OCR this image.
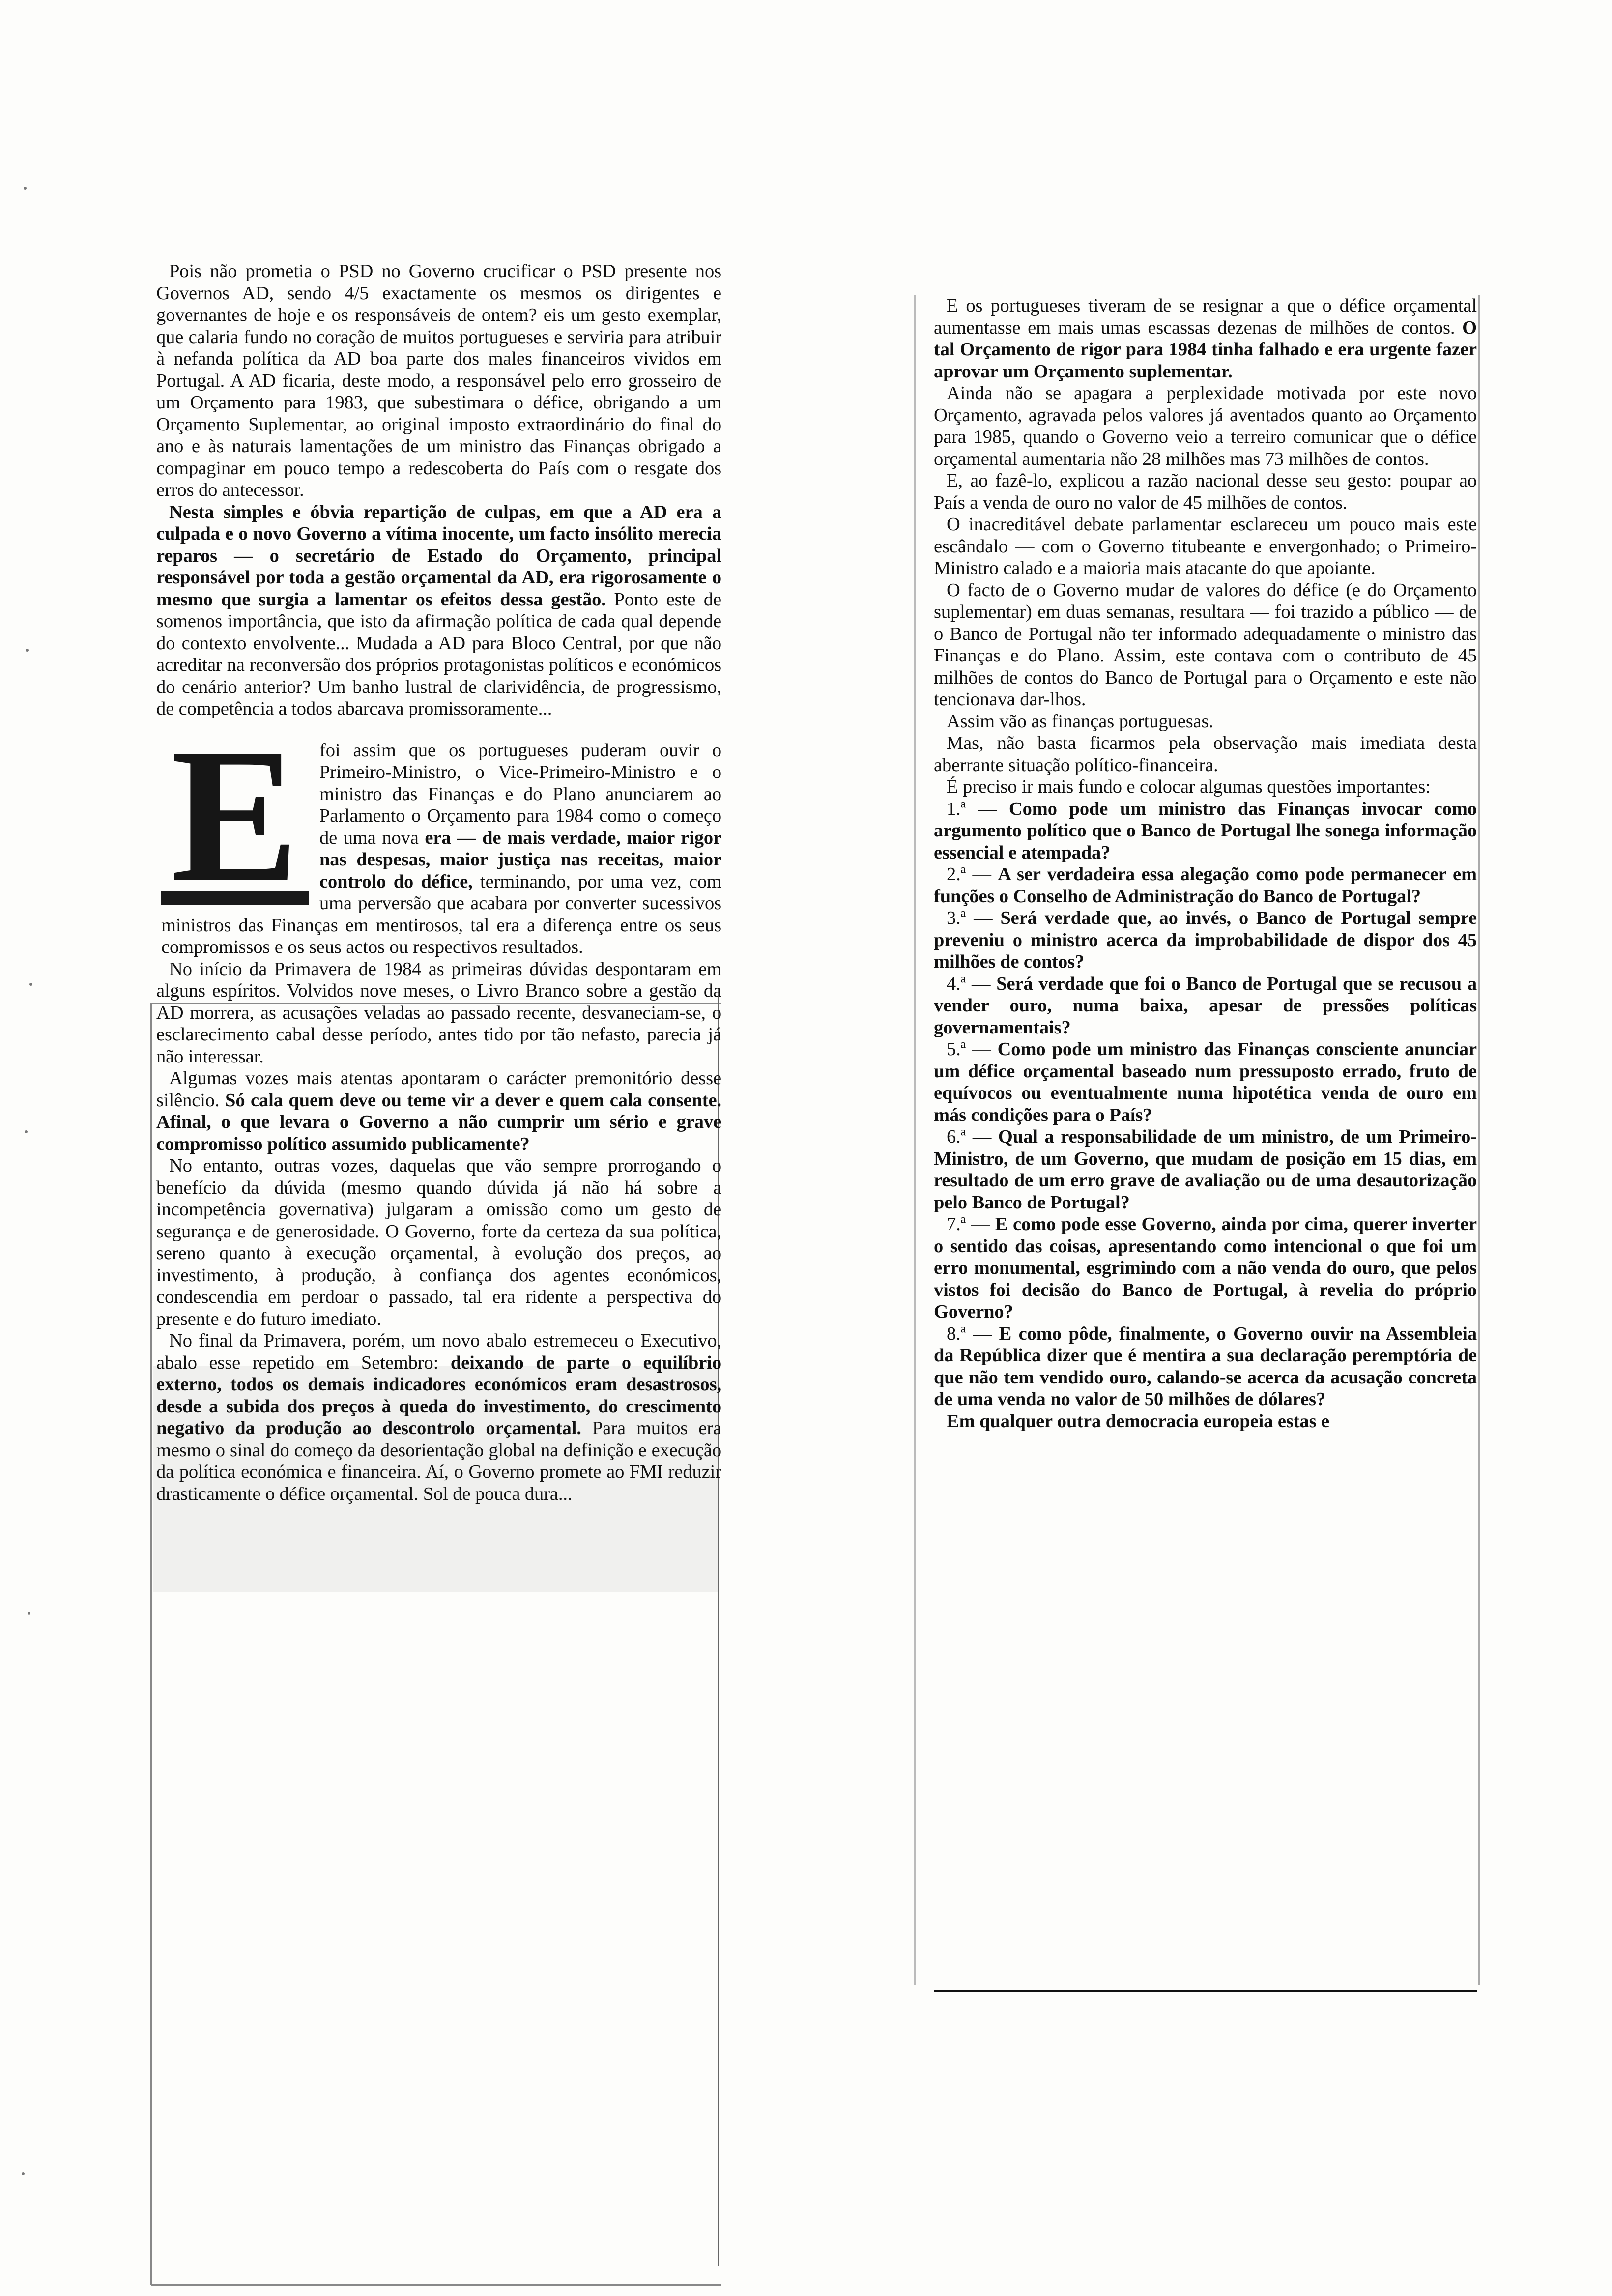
Pois não prometia o PSD no Governo crucificar o PSD presente nos Governos AD, sendo 4/5 exactamente os mesmos os dirigentes e governantes de hoje e os responsáveis de ontem? eis um gesto exemplar, que calaria fundo no coração de muitos portugueses e serviria para atribuir à nefanda política da AD boa parte dos males financeiros vividos em Portugal. A AD ficaria, deste modo, a responsável pelo erro grosseiro de um Orçamento para 1983, que subestimara o défice, obrigando a um Orçamento Suplementar, ao original imposto extraordinário do final do ano e às naturais lamentações de um ministro das Finanças obrigado a compaginar em pouco tempo a redescoberta do País com o resgate dos erros do antecessor.

Nesta simples e óbvia repartição de culpas, em que a AD era a culpada e o novo Governo a vítima inocente, um facto insólito merecia reparos — o secretário de Estado do Orçamento, principal responsável por toda a gestão orçamental da AD, era rigorosamente o mesmo que surgia a lamentar os efeitos dessa gestão. Ponto este de somenos importância, que isto da afirmação política de cada qual depende do contexto envolvente... Mudada a AD para Bloco Central, por que não acreditar na reconversão dos próprios protagonistas políticos e económicos do cenário anterior? Um banho lustral de clarividência, de progressismo, de competência a todos abarcava promissoramente...

E	foi assim que os portugueses puderam ouvir o Primeiro-Ministro, o Vice-Primeiro-Ministro e o ministro das Finanças e do Plano anunciarem ao Parlamento o Orçamento para 1984 como o começo de uma nova era — de mais verdade, maior rigor nas despesas, maior justiça nas receitas, maior controlo do défice, terminando, por uma vez, com uma perversão que acabara por converter sucessivos ministros das Finanças em mentirosos, tal era a diferença entre os seus compromissos e os seus actos ou respectivos resultados.

No início da Primavera de 1984 as primeiras dúvidas despontaram em alguns espíritos. Volvidos nove meses, o Livro Branco sobre a gestão da AD morrera, as acusações veladas ao passado recente, desvaneciam-se, o esclarecimento cabal desse período, antes tido por tão nefasto, parecia já não interessar.

Algumas vozes mais atentas apontaram o carácter premonitório desse silêncio. Só cala quem deve ou teme vir a dever e quem cala consente. Afinal, o que levara o Governo a não cumprir um sério e grave compromisso político assumido publicamente?

No entanto, outras vozes, daquelas que vão sempre prorrogando o benefício da dúvida (mesmo quando dúvida já não há sobre a incompetência governativa) julgaram a omissão como um gesto de segurança e de generosidade. O Governo, forte da certeza da sua política, sereno quanto à execução orçamental, à evolução dos preços, ao investimento, à produção, à confiança dos agentes económicos, condescendia em perdoar o passado, tal era ridente a perspectiva do presente e do futuro imediato.

No final da Primavera, porém, um novo abalo estremeceu o Executivo, abalo esse repetido em Setembro: deixando de parte o equilíbrio externo, todos os demais indicadores económicos eram desastrosos, desde a subida dos preços à queda do investimento, do crescimento negativo da produção ao descontrolo orçamental. Para muitos era mesmo o sinal do começo da desorientação global na definição e execução da política económica e financeira. Aí, o Governo promete ao FMI reduzir drasticamente o défice orçamental. Sol de pouca dura...

E os portugueses tiveram de se resignar a que o défice orçamental aumentasse em mais umas escassas dezenas de milhões de contos. O tal Orçamento de rigor para 1984 tinha falhado e era urgente fazer aprovar um Orçamento suplementar.

Ainda não se apagara a perplexidade motivada por este novo Orçamento, agravada pelos valores já aventados quanto ao Orçamento para 1985, quando o Governo veio a terreiro comunicar que o défice orçamental aumentaria não 28 milhões mas 73 milhões de contos.

E, ao fazê-lo, explicou a razão nacional desse seu gesto: poupar ao País a venda de ouro no valor de 45 milhões de contos.

O inacreditável debate parlamentar esclareceu um pouco mais este escândalo — com o Governo titubeante e envergonhado; o Primeiro-Ministro calado e a maioria mais atacante do que apoiante.

O facto de o Governo mudar de valores do défice (e do Orçamento suplementar) em duas semanas, resultara — foi trazido a público — de o Banco de Portugal não ter informado adequadamente o ministro das Finanças e do Plano. Assim, este contava com o contributo de 45 milhões de contos do Banco de Portugal para o Orçamento e este não tencionava dar-lhos.

Assim vão as finanças portuguesas.

Mas, não basta ficarmos pela observação mais imediata desta aberrante situação político-financeira.

É preciso ir mais fundo e colocar algumas questões importantes:

1.ª — Como pode um ministro das Finanças invocar como argumento político que o Banco de Portugal lhe sonega informação essencial e atempada?

2.ª — A ser verdadeira essa alegação como pode permanecer em funções o Conselho de Administração do Banco de Portugal?

3.ª — Será verdade que, ao invés, o Banco de Portugal sempre preveniu o ministro acerca da improbabilidade de dispor dos 45 milhões de contos?

4.ª — Será verdade que foi o Banco de Portugal que se recusou a vender ouro, numa baixa, apesar de pressões políticas governamentais?

5.ª — Como pode um ministro das Finanças consciente anunciar um défice orçamental baseado num pressuposto errado, fruto de equívocos ou eventualmente numa hipotética venda de ouro em más condições para o País?

6.ª — Qual a responsabilidade de um ministro, de um Primeiro-Ministro, de um Governo, que mudam de posição em 15 dias, em resultado de um erro grave de avaliação ou de uma desautorização pelo Banco de Portugal?

7.ª — E como pode esse Governo, ainda por cima, querer inverter o sentido das coisas, apresentando como intencional o que foi um erro monumental, esgrimindo com a não venda do ouro, que pelos vistos foi decisão do Banco de Portugal, à revelia do próprio Governo?

8.ª — E como pôde, finalmente, o Governo ouvir na Assembleia da República dizer que é mentira a sua declaração peremptória de que não tem vendido ouro, calando-se acerca da acusação concreta de uma venda no valor de 50 milhões de dólares?

Em qualquer outra democracia europeia estas e
